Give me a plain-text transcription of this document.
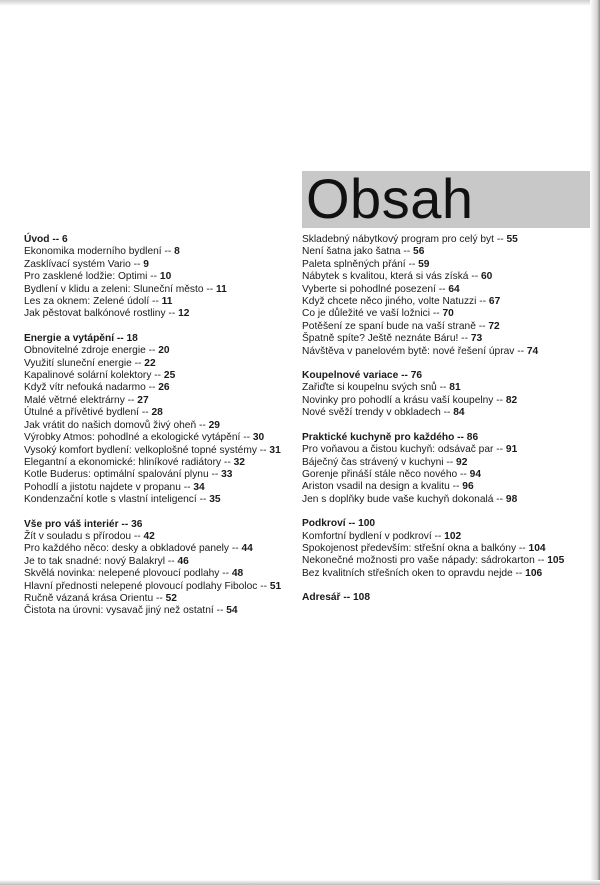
Obsah
Úvod -- 6
Ekonomika moderního bydlení -- 8
Zasklívací systém Vario -- 9
Pro zasklené lodžie: Optimi -- 10
Bydlení v klidu a zeleni: Sluneční město -- 11
Les za oknem: Zelené údolí -- 11
Jak pěstovat balkónové rostliny -- 12
Energie a vytápění -- 18
Obnovitelné zdroje energie -- 20
Využití sluneční energie -- 22
Kapalinové solární kolektory -- 25
Když vítr nefouká nadarmo -- 26
Malé větrné elektrárny -- 27
Útulné a přívětivé bydlení -- 28
Jak vrátit do našich domovů živý oheň -- 29
Výrobky Atmos: pohodlné a ekologické vytápění -- 30
Vysoký komfort bydlení: velkoplošné topné systémy -- 31
Elegantní a ekonomické: hliníkové radiátory -- 32
Kotle Buderus: optimální spalování plynu -- 33
Pohodlí a jistotu najdete v propanu -- 34
Kondenzační kotle s vlastní inteligencí -- 35
Vše pro váš interiér -- 36
Žít v souladu s přírodou -- 42
Pro každého něco: desky a obkladové panely -- 44
Je to tak snadné: nový Balakryl -- 46
Skvělá novinka: nelepené plovoucí podlahy -- 48
Hlavní přednosti nelepené plovoucí podlahy Fiboloc -- 51
Ručně vázaná krása Orientu -- 52
Čistota na úrovni: vysavač jiný než ostatní -- 54
Skladebný nábytkový program pro celý byt -- 55
Není šatna jako šatna -- 56
Paleta splněných přání -- 59
Nábytek s kvalitou, která si vás získá -- 60
Vyberte si pohodlné posezení -- 64
Když chcete něco jiného, volte Natuzzi -- 67
Co je důležité ve vaší ložnici -- 70
Potěšení ze spaní bude na vaší straně -- 72
Špatně spíte? Ještě neznáte Báru! -- 73
Návštěva v panelovém bytě: nové řešení úprav -- 74
Koupelnové variace -- 76
Zařiďte si koupelnu svých snů -- 81
Novinky pro pohodlí a krásu vaší koupelny -- 82
Nové svěží trendy v obkladech -- 84
Praktické kuchyně pro každého -- 86
Pro voňavou a čistou kuchyň: odsávač par -- 91
Báječný čas strávený v kuchyni -- 92
Gorenje přináší stále něco nového -- 94
Ariston vsadil na design a kvalitu -- 96
Jen s doplňky bude vaše kuchyň dokonalá -- 98
Podkroví -- 100
Komfortní bydlení v podkroví -- 102
Spokojenost především: střešní okna a balkóny -- 104
Nekonečné možnosti pro vaše nápady: sádrokarton -- 105
Bez kvalitních střešních oken to opravdu nejde -- 106
Adresář -- 108
